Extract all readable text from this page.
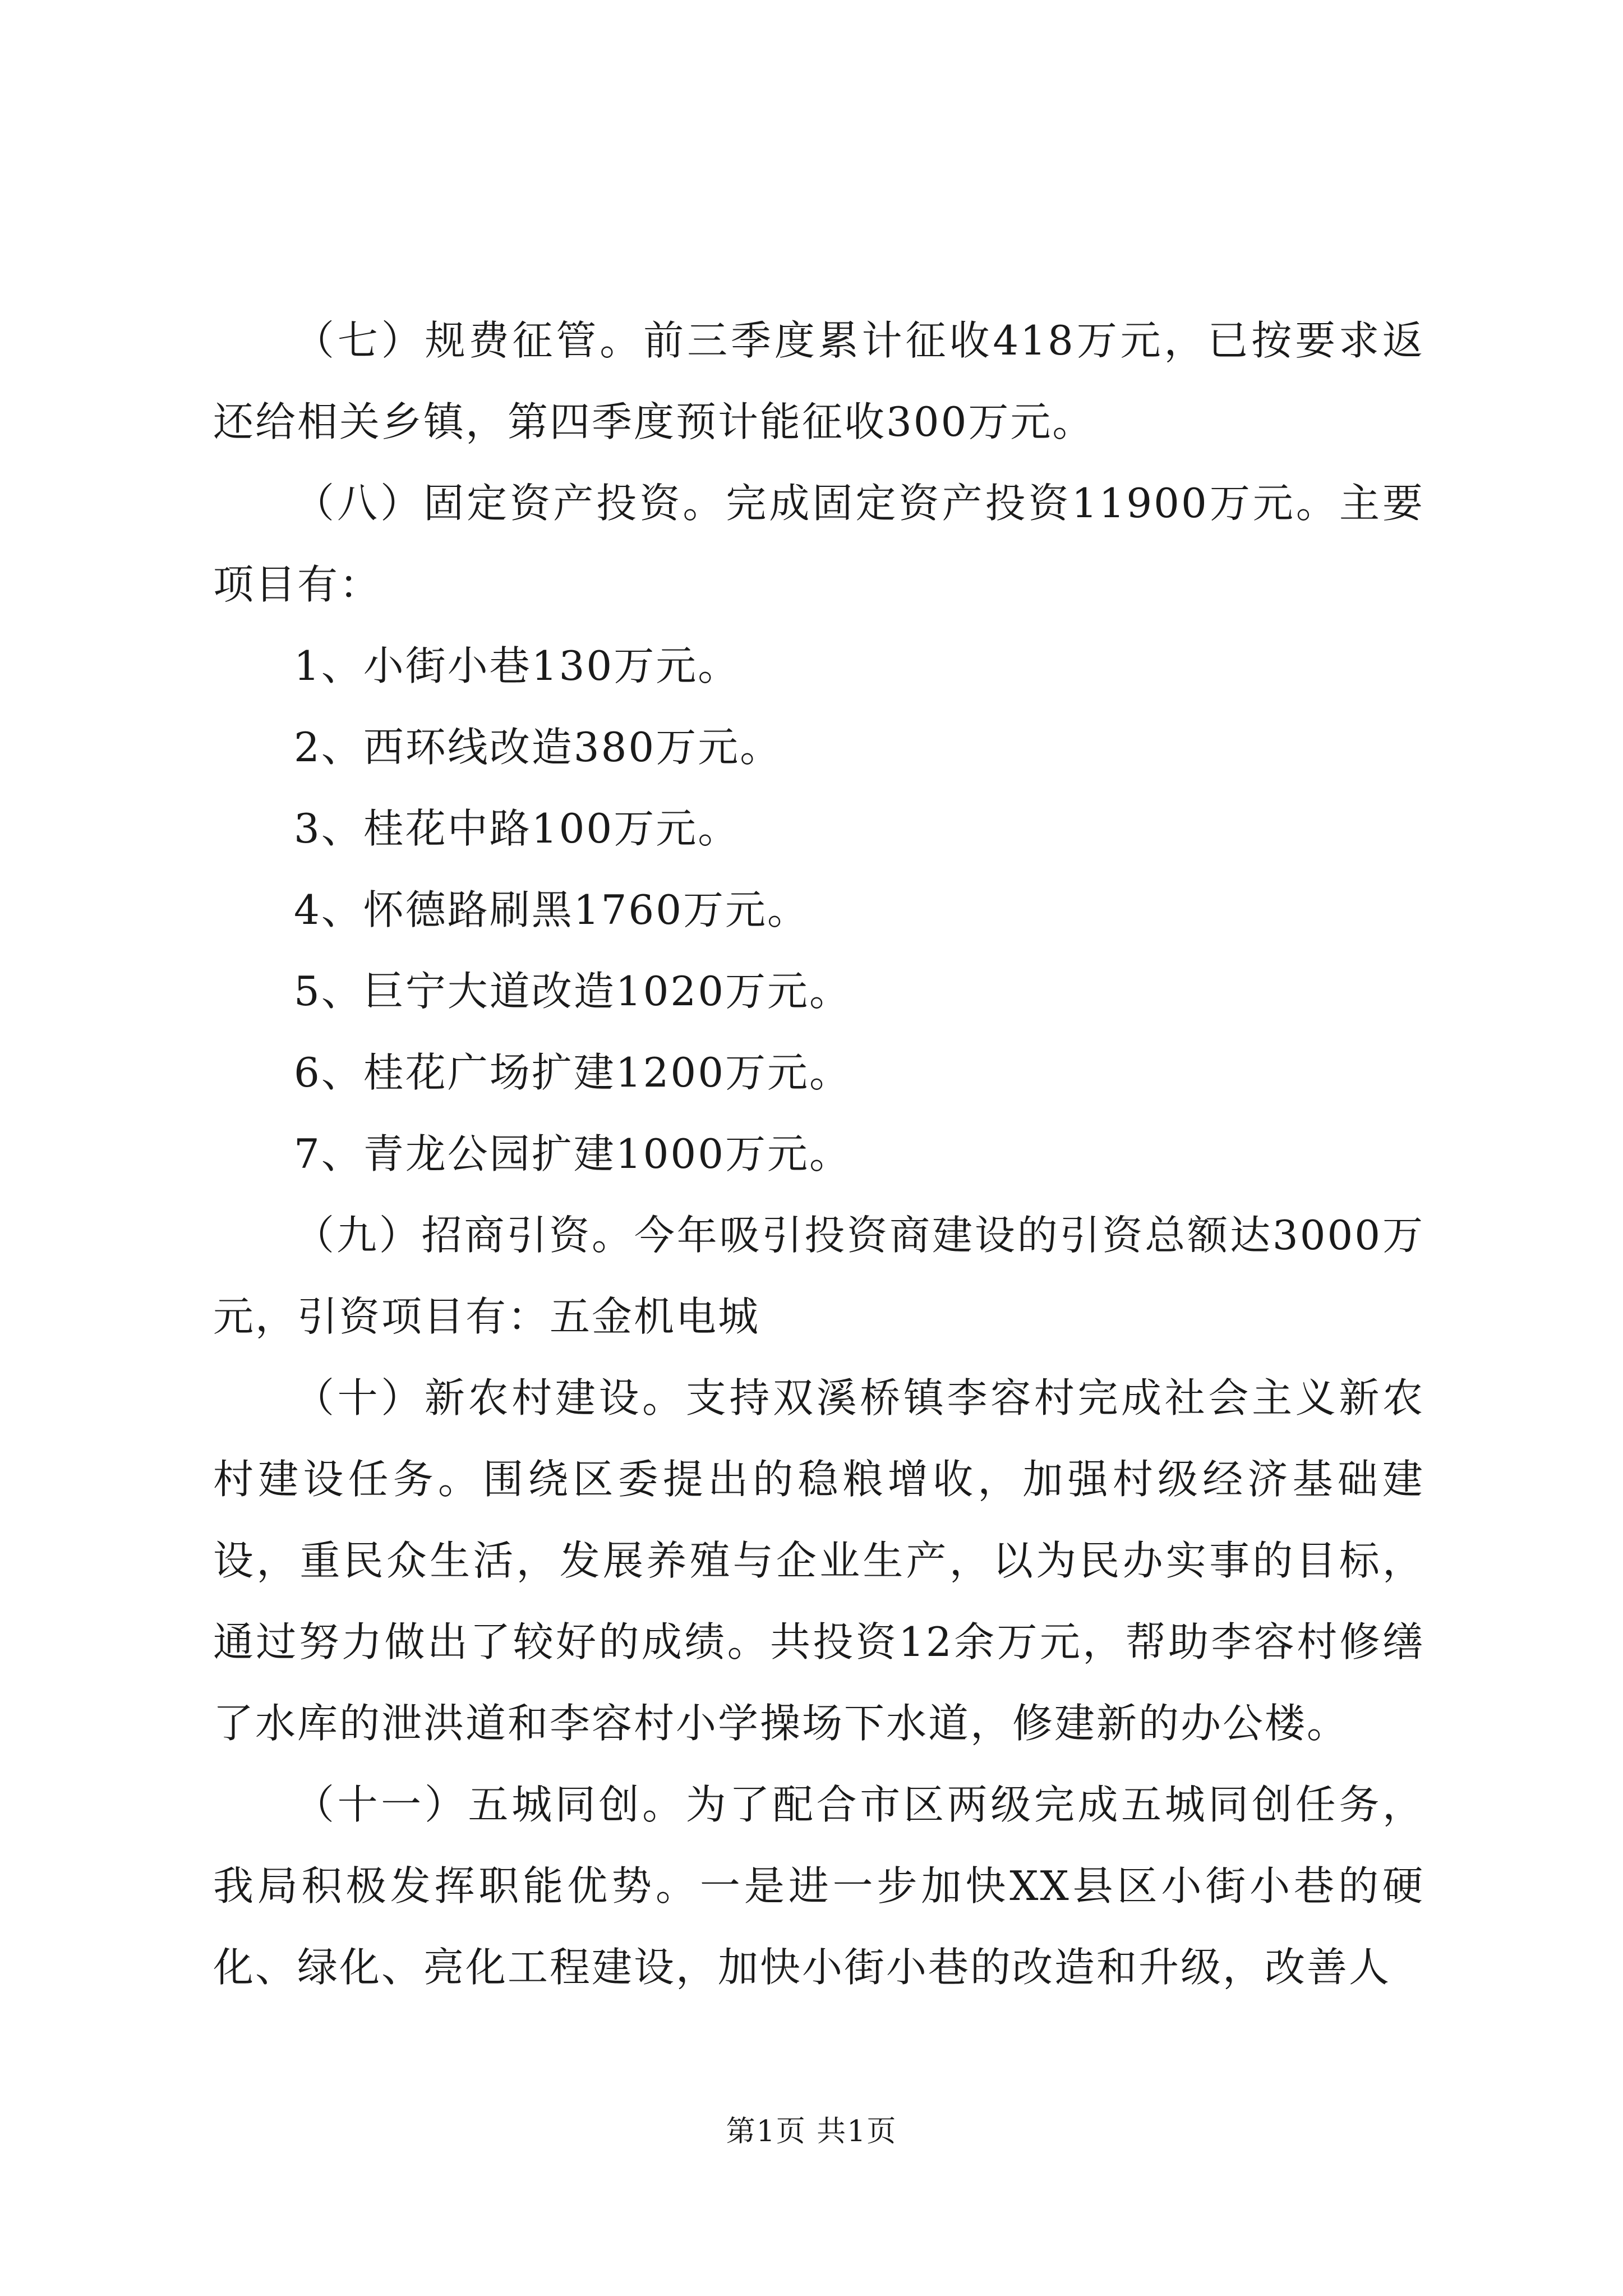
（七）规费征管。前三季度累计征收418万元，已按要求返还给相关乡镇，第四季度预计能征收300万元。

（八）固定资产投资。完成固定资产投资11900万元。主要项目有：

1、小街小巷130万元。

2、西环线改造380万元。

3、桂花中路100万元。

4、怀德路刷黑1760万元。

5、巨宁大道改造1020万元。

6、桂花广场扩建1200万元。

7、青龙公园扩建1000万元。

（九）招商引资。今年吸引投资商建设的引资总额达3000万元，引资项目有：五金机电城

（十）新农村建设。支持双溪桥镇李容村完成社会主义新农村建设任务。围绕区委提出的稳粮增收，加强村级经济基础建设，重民众生活，发展养殖与企业生产，以为民办实事的目标，通过努力做出了较好的成绩。共投资12余万元，帮助李容村修缮了水库的泄洪道和李容村小学操场下水道，修建新的办公楼。

（十一）五城同创。为了配合市区两级完成五城同创任务，我局积极发挥职能优势。一是进一步加快XX县区小街小巷的硬化、绿化、亮化工程建设，加快小街小巷的改造和升级，改善人

第1页 共1页
